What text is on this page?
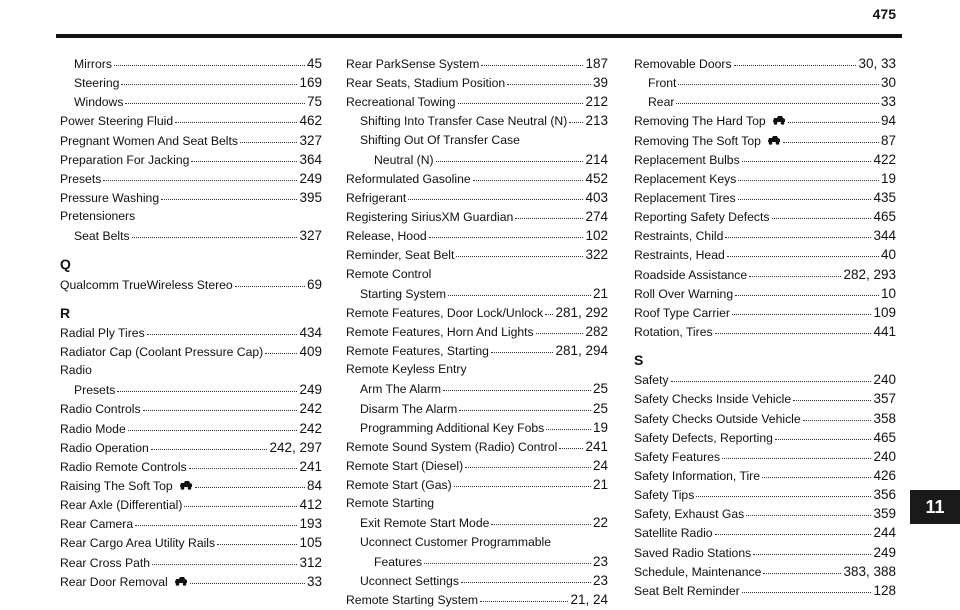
475
Mirrors	45
Steering	169
Windows	75
Power Steering Fluid	462
Pregnant Women And Seat Belts	327
Preparation For Jacking	364
Presets	249
Pressure Washing	395
Pretensioners
Seat Belts	327
Q
Qualcomm TrueWireless Stereo	69
R
Radial Ply Tires	434
Radiator Cap (Coolant Pressure Cap)	409
Radio
Presets	249
Radio Controls	242
Radio Mode	242
Radio Operation	242, 297
Radio Remote Controls	241
Raising The Soft Top	84
Rear Axle (Differential)	412
Rear Camera	193
Rear Cargo Area Utility Rails	105
Rear Cross Path	312
Rear Door Removal	33
Rear ParkSense System	187
Rear Seats, Stadium Position	39
Recreational Towing	212
Shifting Into Transfer Case Neutral (N) 213
Shifting Out Of Transfer Case
Neutral (N)	214
Reformulated Gasoline	452
Refrigerant	403
Registering SiriusXM Guardian	274
Release, Hood	102
Reminder, Seat Belt	322
Remote Control
Starting System	21
Remote Features, Door Lock/Unlock 281, 292
Remote Features, Horn And Lights	282
Remote Features, Starting	281, 294
Remote Keyless Entry
Arm The Alarm	25
Disarm The Alarm	25
Programming Additional Key Fobs	19
Remote Sound System (Radio) Control 241
Remote Start (Diesel)	24
Remote Start (Gas)	21
Remote Starting
Exit Remote Start Mode	22
Uconnect Customer Programmable
Features	23
Uconnect Settings	23
Remote Starting System	21, 24
Removable Doors	30, 33
Front	30
Rear	33
Removing The Hard Top	94
Removing The Soft Top	87
Replacement Bulbs	422
Replacement Keys	19
Replacement Tires	435
Reporting Safety Defects	465
Restraints, Child	344
Restraints, Head	40
Roadside Assistance	282, 293
Roll Over Warning	10
Roof Type Carrier	109
Rotation, Tires	441
S
Safety	240
Safety Checks Inside Vehicle	357
Safety Checks Outside Vehicle	358
Safety Defects, Reporting	465
Safety Features	240
Safety Information, Tire	426
Safety Tips	356
Safety, Exhaust Gas	359
Satellite Radio	244
Saved Radio Stations	249
Schedule, Maintenance	383, 388
Seat Belt Reminder	128
11
